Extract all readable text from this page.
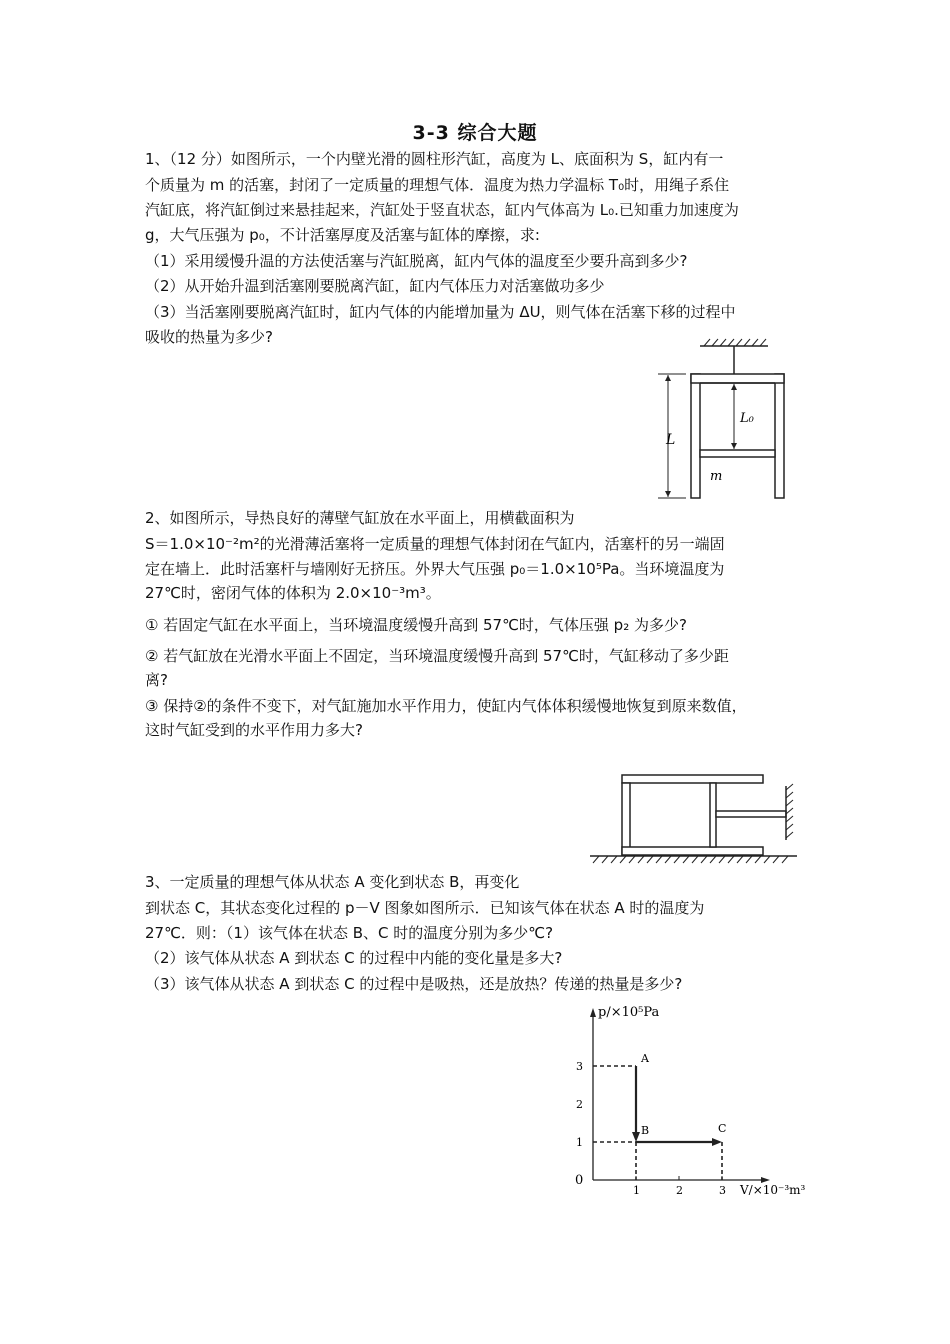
3-3 综合大题
1、（12 分）如图所示，一个内壁光滑的圆柱形汽缸，高度为 L、底面积为 S，缸内有一
个质量为 m 的活塞，封闭了一定质量的理想气体．温度为热力学温标 T₀时，用绳子系住
汽缸底，将汽缸倒过来悬挂起来，汽缸处于竖直状态，缸内气体高为 L₀.已知重力加速度为
g，大气压强为 p₀，不计活塞厚度及活塞与缸体的摩擦，求:
（1）采用缓慢升温的方法使活塞与汽缸脱离，缸内气体的温度至少要升高到多少?
（2）从开始升温到活塞刚要脱离汽缸，缸内气体压力对活塞做功多少
（3）当活塞刚要脱离汽缸时，缸内气体的内能增加量为 ΔU，则气体在活塞下移的过程中
吸收的热量为多少?
L₀
L
m
2、如图所示，导热良好的薄壁气缸放在水平面上，用横截面积为
S＝1.0×10⁻²m²的光滑薄活塞将一定质量的理想气体封闭在气缸内，活塞杆的另一端固
定在墙上．此时活塞杆与墙刚好无挤压。外界大气压强 p₀＝1.0×10⁵Pa。当环境温度为
27℃时，密闭气体的体积为 2.0×10⁻³m³。
① 若固定气缸在水平面上，当环境温度缓慢升高到 57℃时，气体压强 p₂ 为多少?
② 若气缸放在光滑水平面上不固定，当环境温度缓慢升高到 57℃时，气缸移动了多少距
离?
③ 保持②的条件不变下，对气缸施加水平作用力，使缸内气体体积缓慢地恢复到原来数值，
这时气缸受到的水平作用力多大?
3、一定质量的理想气体从状态 A 变化到状态 B，再变化
到状态 C，其状态变化过程的 p－V 图象如图所示．已知该气体在状态 A 时的温度为
27℃．则：（1）该气体在状态 B、C 时的温度分别为多少℃?
（2）该气体从状态 A 到状态 C 的过程中内能的变化量是多大?
（3）该气体从状态 A 到状态 C 的过程中是吸热，还是放热？传递的热量是多少?
p/×10⁵Pa
V/×10⁻³m³
0
1	2	3
1
2
3
A
B	C
